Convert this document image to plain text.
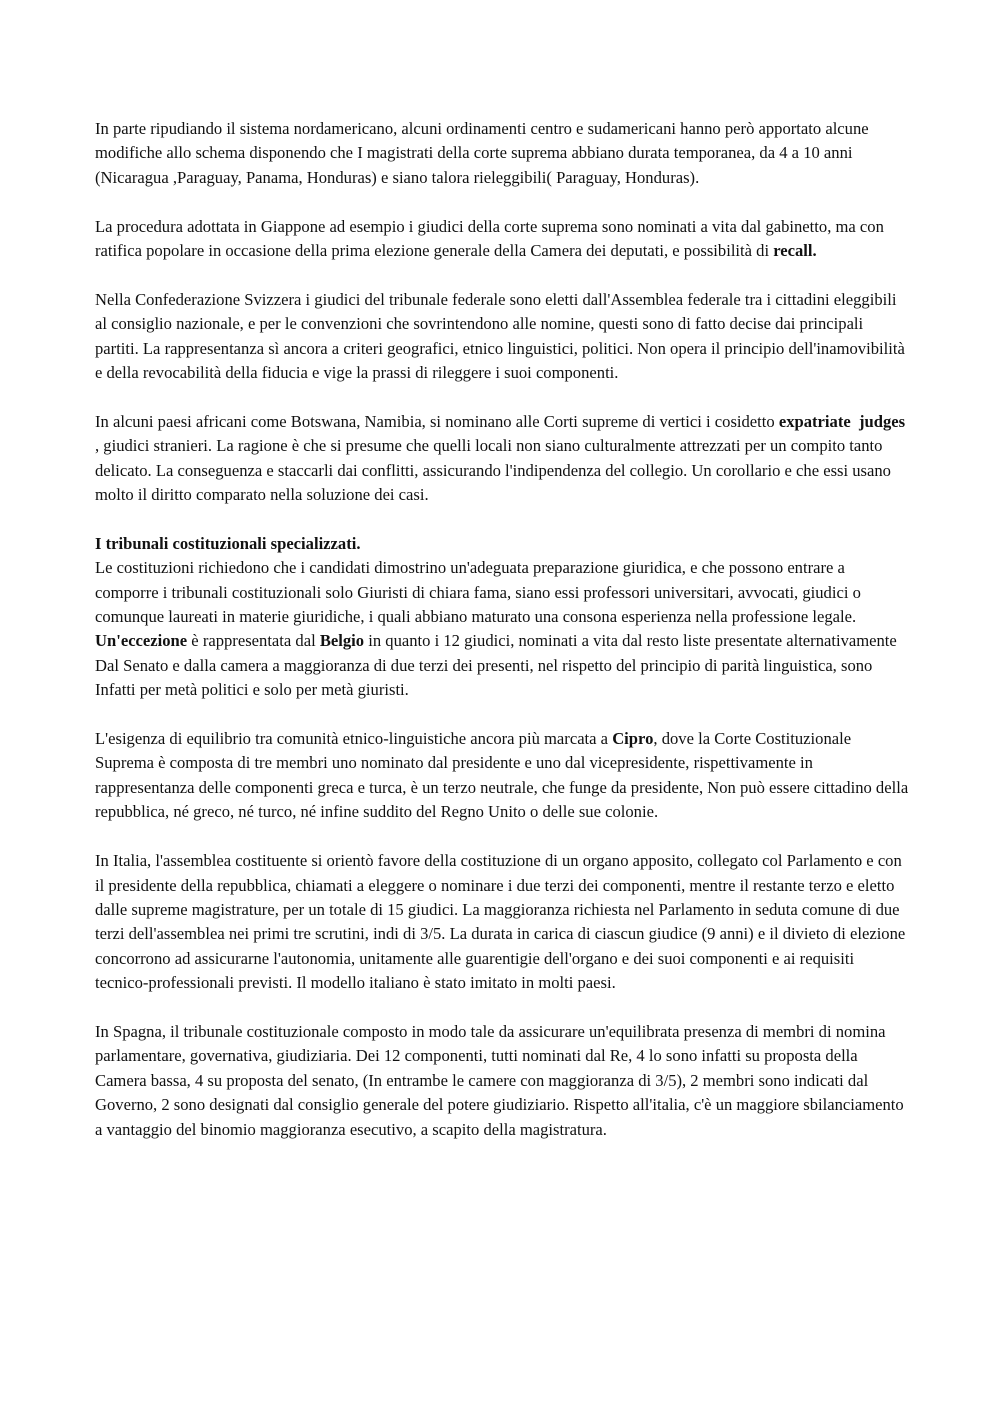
In parte ripudiando il sistema nordamericano, alcuni ordinamenti centro e sudamericani hanno però apportato alcune modifiche allo schema disponendo che I magistrati della corte suprema abbiano durata temporanea, da 4 a 10 anni (Nicaragua ,Paraguay, Panama, Honduras) e siano talora rieleggibili( Paraguay, Honduras).

La procedura adottata in Giappone ad esempio i giudici della corte suprema sono nominati a vita dal gabinetto, ma con ratifica popolare in occasione della prima elezione generale della Camera dei deputati, e possibilità di recall.

Nella Confederazione Svizzera i giudici del tribunale federale sono eletti dall'Assemblea federale tra i cittadini eleggibili al consiglio nazionale, e per le convenzioni che sovrintendono alle nomine, questi sono di fatto decise dai principali partiti. La rappresentanza sì ancora a criteri geografici, etnico linguistici, politici. Non opera il principio dell'inamovibilità e della revocabilità della fiducia e vige la prassi di rileggere i suoi componenti.

In alcuni paesi africani come Botswana, Namibia, si nominano alle Corti supreme di vertici i cosidetto expatriate  judges , giudici stranieri. La ragione è che si presume che quelli locali non siano culturalmente attrezzati per un compito tanto delicato. La conseguenza e staccarli dai conflitti, assicurando l'indipendenza del collegio. Un corollario e che essi usano molto il diritto comparato nella soluzione dei casi.

I tribunali costituzionali specializzati.

Le costituzioni richiedono che i candidati dimostrino un'adeguata preparazione giuridica, e che possono entrare a comporre i tribunali costituzionali solo Giuristi di chiara fama, siano essi professori universitari, avvocati, giudici o comunque laureati in materie giuridiche, i quali abbiano maturato una consona esperienza nella professione legale. Un'eccezione è rappresentata dal Belgio in quanto i 12 giudici, nominati a vita dal resto liste presentate alternativamente Dal Senato e dalla camera a maggioranza di due terzi dei presenti, nel rispetto del principio di parità linguistica, sono Infatti per metà politici e solo per metà giuristi.

L'esigenza di equilibrio tra comunità etnico-linguistiche ancora più marcata a Cipro, dove la Corte Costituzionale Suprema è composta di tre membri uno nominato dal presidente e uno dal vicepresidente, rispettivamente in rappresentanza delle componenti greca e turca, è un terzo neutrale, che funge da presidente, Non può essere cittadino della repubblica, né greco, né turco, né infine suddito del Regno Unito o delle sue colonie.

In Italia, l'assemblea costituente si orientò favore della costituzione di un organo apposito, collegato col Parlamento e con il presidente della repubblica, chiamati a eleggere o nominare i due terzi dei componenti, mentre il restante terzo e eletto dalle supreme magistrature, per un totale di 15 giudici. La maggioranza richiesta nel Parlamento in seduta comune di due terzi dell'assemblea nei primi tre scrutini, indi di 3/5. La durata in carica di ciascun giudice (9 anni) e il divieto di elezione concorrono ad assicurarne l'autonomia, unitamente alle guarentigie dell'organo e dei suoi componenti e ai requisiti tecnico-professionali previsti. Il modello italiano è stato imitato in molti paesi.

In Spagna, il tribunale costituzionale composto in modo tale da assicurare un'equilibrata presenza di membri di nomina parlamentare, governativa, giudiziaria. Dei 12 componenti, tutti nominati dal Re, 4 lo sono infatti su proposta della Camera bassa, 4 su proposta del senato, (In entrambe le camere con maggioranza di 3/5), 2 membri sono indicati dal Governo, 2 sono designati dal consiglio generale del potere giudiziario. Rispetto all'italia, c'è un maggiore sbilanciamento a vantaggio del binomio maggioranza esecutivo, a scapito della magistratura.
